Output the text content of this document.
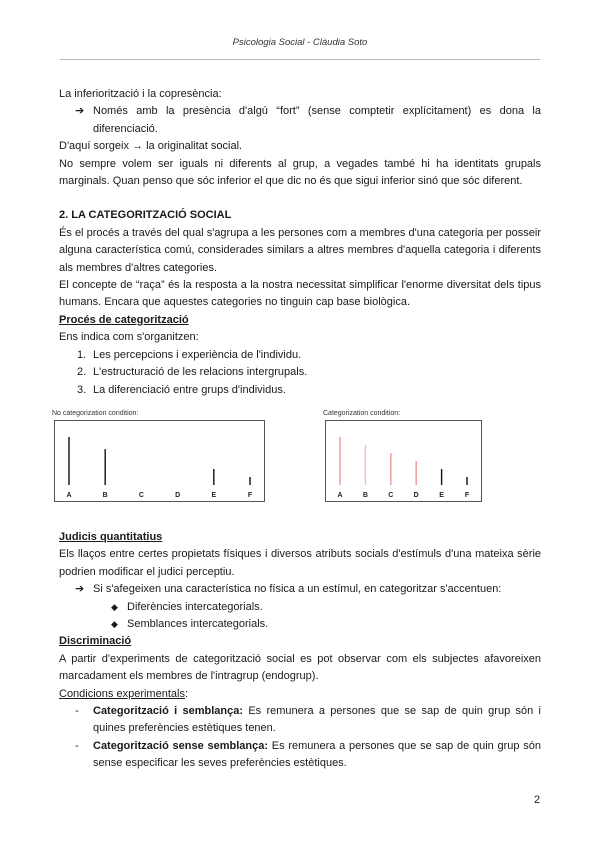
Psicologia Social - Clàudia Soto

La inferiorització i la copresència:

➔ Només amb la presència d'algú “fort” (sense comptetir explícitament) es dona la diferenciació.

D'aquí sorgeix → la originalitat social.

No sempre volem ser iguals ni diferents al grup, a vegades també hi ha identitats grupals marginals. Quan penso que sóc inferior el que dic no és que sigui inferior sinó que sóc diferent.

2. LA CATEGORITZACIÓ SOCIAL

És el procés a través del qual s'agrupa a les persones com a membres d'una categoria per posseir alguna característica comú, considerades similars a altres membres d'aquella categoria i diferents als membres d'altres categories.

El concepte de “raça” és la resposta a la nostra necessitat simplificar l'enorme diversitat dels tipus humans. Encara que aquestes categories no tinguin cap base biològica.

Procés de categorització

Ens indica com s'organitzen:

1. Les percepcions i experiència de l'individu.
2. L'estructuració de les relacions intergrupals.
3. La diferenciació entre grups d'individus.
No categorization condition:
A	B	C	D	E	F
Categorization condition:
A	B	C	D	E	F

Judicis quantitatius

Els llaços entre certes propietats físiques i diversos atributs socials d'estímuls d'una mateixa sèrie podrien modificar el judici perceptiu.

➔ Si s'afegeixen una característica no física a un estímul, en categoritzar s'accentuen:
◆ Diferències intercategorials.
◆ Semblances intercategorials.

Discriminació

A partir d'experiments de categorització social es pot observar com els subjectes afavoreixen marcadament els membres de l'intragrup (endogrup).

Condicions experimentals:

-	Categorització i semblança: Es remunera a persones que se sap de quin grup són i quines preferències estètiques tenen.
-	Categorització sense semblança: Es remunera a persones que se sap de quin grup són sense especificar les seves preferències estètiques.
2
